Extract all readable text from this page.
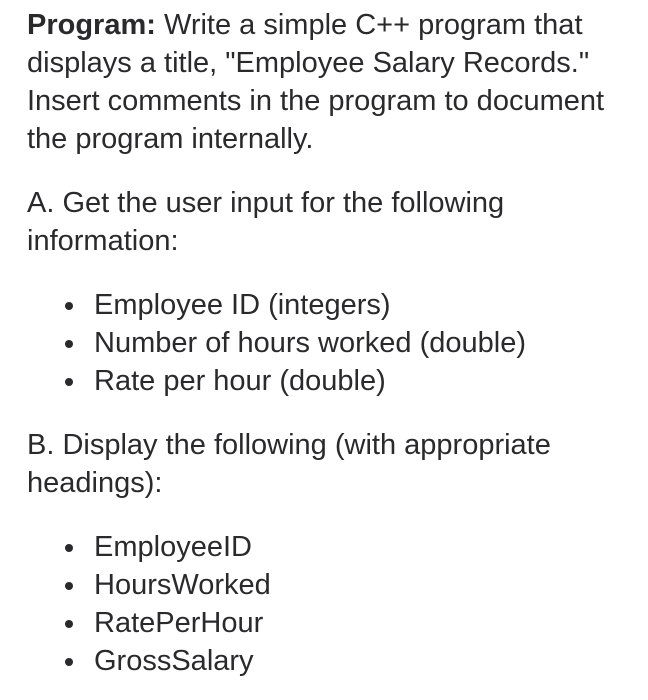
Program: Write a simple C++ program that displays a title, "Employee Salary Records." Insert comments in the program to document the program internally.

A. Get the user input for the following information:

Employee ID (integers)
Number of hours worked (double)
Rate per hour (double)

B. Display the following (with appropriate headings):

EmployeeID
HoursWorked
RatePerHour
GrossSalary
